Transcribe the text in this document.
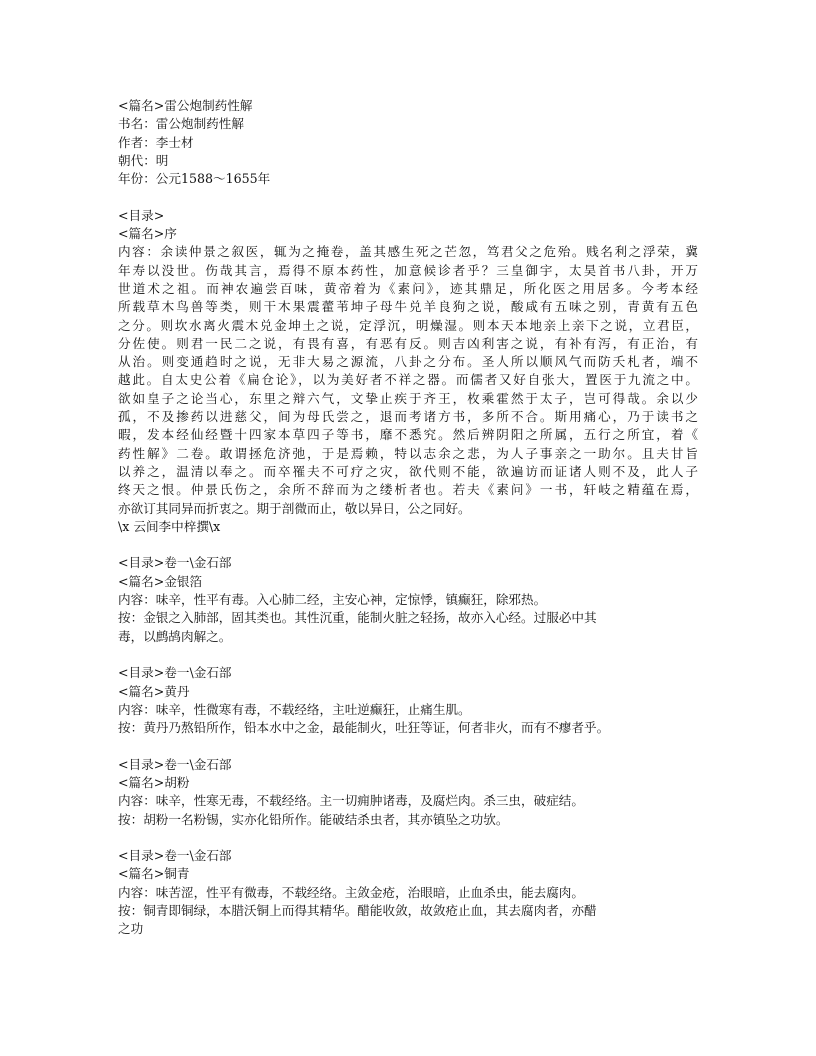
<篇名>雷公炮制药性解
书名：雷公炮制药性解
作者：李士材
朝代：明
年份：公元1588～1655年
<目录>
<篇名>序
内容：余读仲景之叙医，辄为之掩卷，盖其感生死之芒忽，笃君父之危殆。贱名利之浮荣，冀
年寿以没世。伤哉其言，焉得不原本药性，加意候诊者乎？三皇御宇，太昊首书八卦，开万
世道术之祖。而神农遍尝百味，黄帝着为《素问》，迹其鼎足，所化医之用居多。今考本经
所载草木鸟兽等类，则干木果震藿苇坤子母牛兑羊良狗之说，酸咸有五味之别，青黄有五色
之分。则坎水离火震木兑金坤土之说，定浮沉，明燥湿。则本天本地亲上亲下之说，立君臣，
分佐使。则君一民二之说，有畏有喜，有恶有反。则吉凶利害之说，有补有泻，有正治，有
从治。则变通趋时之说，无非大易之源流，八卦之分布。圣人所以顺风气而防夭札者，端不
越此。自太史公着《扁仓论》，以为美好者不祥之器。而儒者又好自张大，置医于九流之中。
欲如皇子之论当心，东里之辩六气，文挚止疾于齐王，枚乘霍然于太子，岂可得哉。余以少
孤，不及掺药以进慈父，间为母氏尝之，退而考诸方书，多所不合。斯用痛心，乃于读书之
暇，发本经仙经暨十四家本草四子等书，靡不悉究。然后辨阴阳之所属，五行之所宜，着《
药性解》二卷。敢谓拯危济弛，于是焉赖，特以志余之悲，为人子事亲之一助尔。且夫甘旨
以养之，温清以奉之。而卒罹夫不可疗之灾，欲代则不能，欲遍访而证诸人则不及，此人子
终天之恨。仲景氏伤之，余所不辞而为之缕析者也。若夫《素问》一书，轩岐之精蕴在焉，
亦欲订其同异而折衷之。期于剖微而止，敬以异日，公之同好。
\x 云间李中梓撰\x
<目录>卷一\金石部
<篇名>金银箔
内容：味辛，性平有毒。入心肺二经，主安心神，定惊悸，镇癫狂，除邪热。
按：金银之入肺部，固其类也。其性沉重，能制火脏之轻扬，故亦入心经。过服必中其
毒，以鹧鸪肉解之。
<目录>卷一\金石部
<篇名>黄丹
内容：味辛，性微寒有毒，不载经络，主吐逆癫狂，止痛生肌。
按：黄丹乃熬铅所作，铅本水中之金，最能制火，吐狂等证，何者非火，而有不瘳者乎。
<目录>卷一\金石部
<篇名>胡粉
内容：味辛，性寒无毒，不载经络。主一切痈肿诸毒，及腐烂肉。杀三虫，破症结。
按：胡粉一名粉锡，实亦化铅所作。能破结杀虫者，其亦镇坠之功欤。
<目录>卷一\金石部
<篇名>铜青
内容：味苦涩，性平有微毒，不载经络。主敛金疮，治眼暗，止血杀虫，能去腐肉。
按：铜青即铜绿，本腊沃铜上而得其精华。醋能收敛，故敛疮止血，其去腐肉者，亦醋
之功
